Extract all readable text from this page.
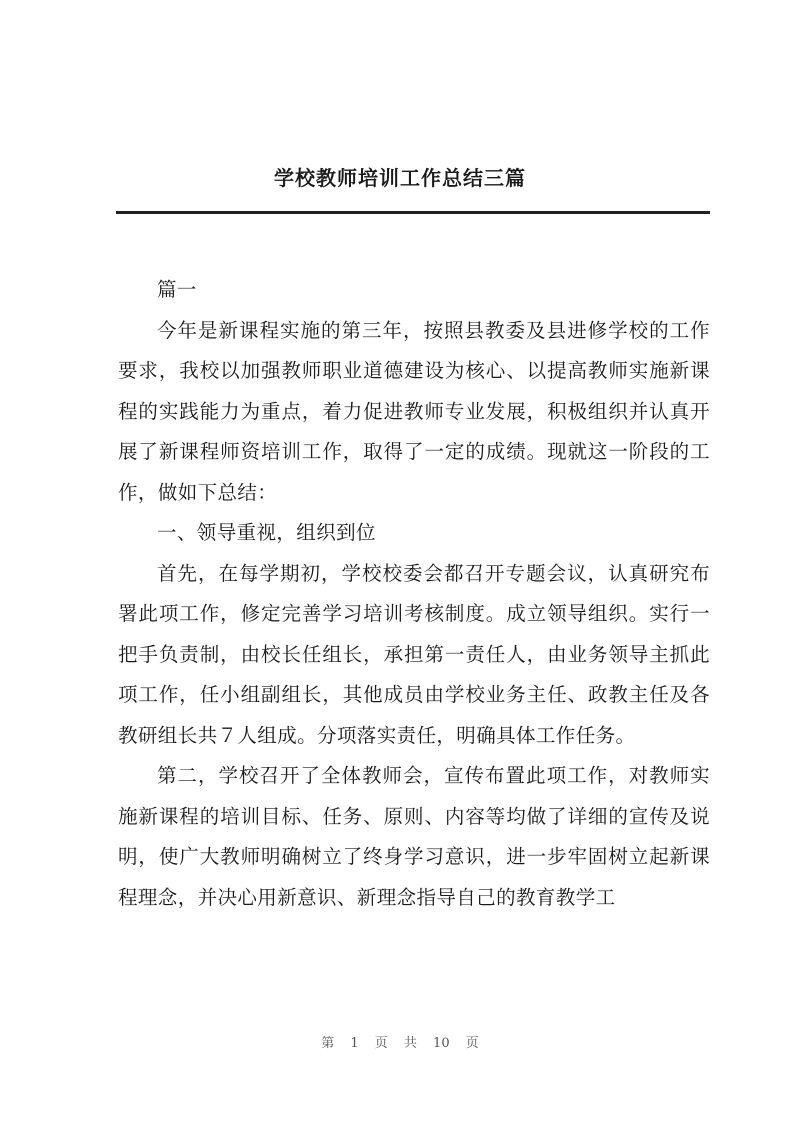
学校教师培训工作总结三篇

篇一

今年是新课程实施的第三年，按照县教委及县进修学校的工作要求，我校以加强教师职业道德建设为核心、以提高教师实施新课程的实践能力为重点，着力促进教师专业发展，积极组织并认真开展了新课程师资培训工作，取得了一定的成绩。现就这一阶段的工作，做如下总结：

一、领导重视，组织到位

首先，在每学期初，学校校委会都召开专题会议，认真研究布署此项工作，修定完善学习培训考核制度。成立领导组织。实行一把手负责制，由校长任组长，承担第一责任人，由业务领导主抓此项工作，任小组副组长，其他成员由学校业务主任、政教主任及各教研组长共７人组成。分项落实责任，明确具体工作任务。

第二，学校召开了全体教师会，宣传布置此项工作，对教师实施新课程的培训目标、任务、原则、内容等均做了详细的宣传及说明，使广大教师明确树立了终身学习意识，进一步牢固树立起新课程理念，并决心用新意识、新理念指导自己的教育教学工

第 1 页 共 10 页
